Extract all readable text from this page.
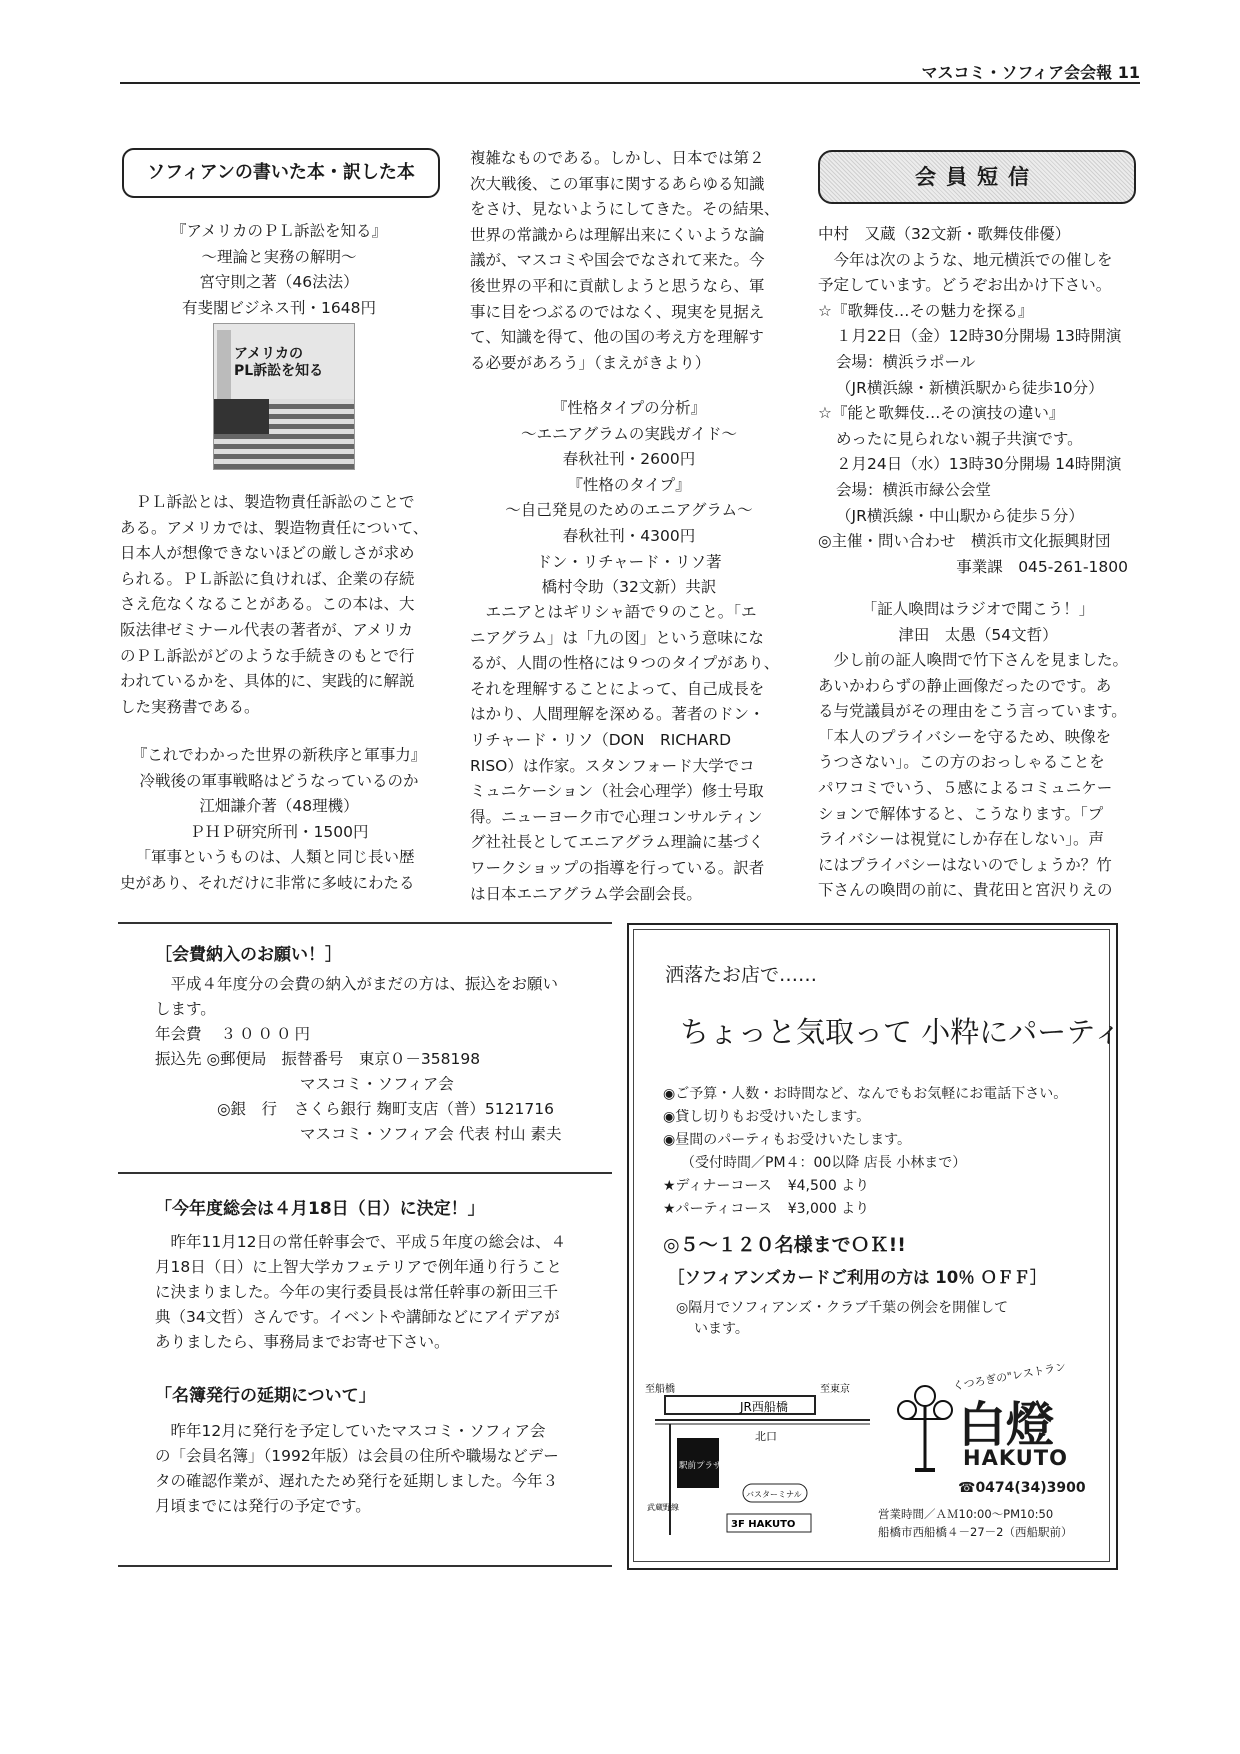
マスコミ・ソフィア会会報 11
ソフィアンの書いた本・訳した本

『アメリカのＰＬ訴訟を知る』

〜理論と実務の解明〜

宮守則之著（46法法）

有斐閣ビジネス刊・1648円

アメリカの
PL訴訟を知る

ＰＬ訴訟とは、製造物責任訴訟のことで

ある。アメリカでは、製造物責任について、

日本人が想像できないほどの厳しさが求め

られる。ＰＬ訴訟に負ければ、企業の存続

さえ危なくなることがある。この本は、大

阪法律ゼミナール代表の著者が、アメリカ

のＰＬ訴訟がどのような手続きのもとで行

われているかを、具体的に、実践的に解説

した実務書である。

『これでわかった世界の新秩序と軍事力』

冷戦後の軍事戦略はどうなっているのか

江畑謙介著（48理機）

ＰＨＰ研究所刊・1500円

「軍事というものは、人類と同じ長い歴

史があり、それだけに非常に多岐にわたる

複雑なものである。しかし、日本では第２

次大戦後、この軍事に関するあらゆる知識

をさけ、見ないようにしてきた。その結果、

世界の常識からは理解出来にくいような論

議が、マスコミや国会でなされて来た。今

後世界の平和に貢献しようと思うなら、軍

事に目をつぶるのではなく、現実を見据え

て、知識を得て、他の国の考え方を理解す

る必要があろう」（まえがきより）

『性格タイプの分析』

〜エニアグラムの実践ガイド〜

春秋社刊・2600円

『性格のタイプ』

〜自己発見のためのエニアグラム〜

春秋社刊・4300円

ドン・リチャード・リソ著

橋村令助（32文新）共訳

エニアとはギリシャ語で９のこと。「エ

ニアグラム」は「九の図」という意味にな

るが、人間の性格には９つのタイプがあり、

それを理解することによって、自己成長を

はかり、人間理解を深める。著者のドン・

リチャード・リソ（DON　RICHARD

RISO）は作家。スタンフォード大学でコ

ミュニケーション（社会心理学）修士号取

得。ニューヨーク市で心理コンサルティン

グ社社長としてエニアグラム理論に基づく

ワークショップの指導を行っている。訳者

は日本エニアグラム学会副会長。

会員短信

中村　又蔵（32文新・歌舞伎俳優）

今年は次のような、地元横浜での催しを

予定しています。どうぞお出かけ下さい。

☆『歌舞伎…その魅力を探る』

１月22日（金）12時30分開場 13時開演

会場：横浜ラポール

（JR横浜線・新横浜駅から徒歩10分）

☆『能と歌舞伎…その演技の違い』

めったに見られない親子共演です。

２月24日（水）13時30分開場 14時開演

会場：横浜市緑公会堂

（JR横浜線・中山駅から徒歩５分）

◎主催・問い合わせ　横浜市文化振興財団

事業課　045-261-1800

「証人喚問はラジオで聞こう！」

津田　太愚（54文哲）

少し前の証人喚問で竹下さんを見ました。

あいかわらずの静止画像だったのです。あ

る与党議員がその理由をこう言っています。

「本人のプライバシーを守るため、映像を

うつさない」。この方のおっしゃることを

パワコミでいう、５感によるコミュニケー

ションで解体すると、こうなります。「プ

ライバシーは視覚にしか存在しない」。声

にはプライバシーはないのでしょうか？竹

下さんの喚問の前に、貴花田と宮沢りえの

［会費納入のお願い！］
平成４年度分の会費の納入がまだの方は、振込をお願い
します。
年会費 ３０００円
振込先 ◎郵便局 振替番号　東京０－358198
マスコミ・ソフィア会
◎銀　行 さくら銀行 麹町支店（普）5121716
マスコミ・ソフィア会 代表 村山 素夫
「今年度総会は４月18日（日）に決定！」
昨年11月12日の常任幹事会で、平成５年度の総会は、４
月18日（日）に上智大学カフェテリアで例年通り行うこと
に決まりました。今年の実行委員長は常任幹事の新田三千
典（34文哲）さんです。イベントや講師などにアイデアが
ありましたら、事務局までお寄せ下さい。
「名簿発行の延期について」
昨年12月に発行を予定していたマスコミ・ソフィア会
の「会員名簿」（1992年版）は会員の住所や職場などデー
タの確認作業が、遅れたため発行を延期しました。今年３
月頃までには発行の予定です。
洒落たお店で……
ちょっと気取って 小粋にパーティ
◉ご予算・人数・お時間など、なんでもお気軽にお電話下さい。
◉貸し切りもお受けいたします。
◉昼間のパーティもお受けいたします。
（受付時間／PM４：00以降 店長 小林まで）
★ディナーコース ¥4,500 より
★パーティコース ¥3,000 より
◎５〜１２０名様までＯＫ!!
［ソフィアンズカードご利用の方は 10％ ＯＦＦ］
◎隔月でソフィアンズ・クラブ千葉の例会を開催して
います。
JR西船橋
至東京
至船橋
北口
駅前プラザ
バスターミナル
3F HAKUTO
武蔵野線
くつろぎの"レストラン
白燈
HAKUTO
☎0474(34)3900
営業時間／ＡＭ10:00〜PM10:50
船橋市西船橋４－27－2（西船駅前）
